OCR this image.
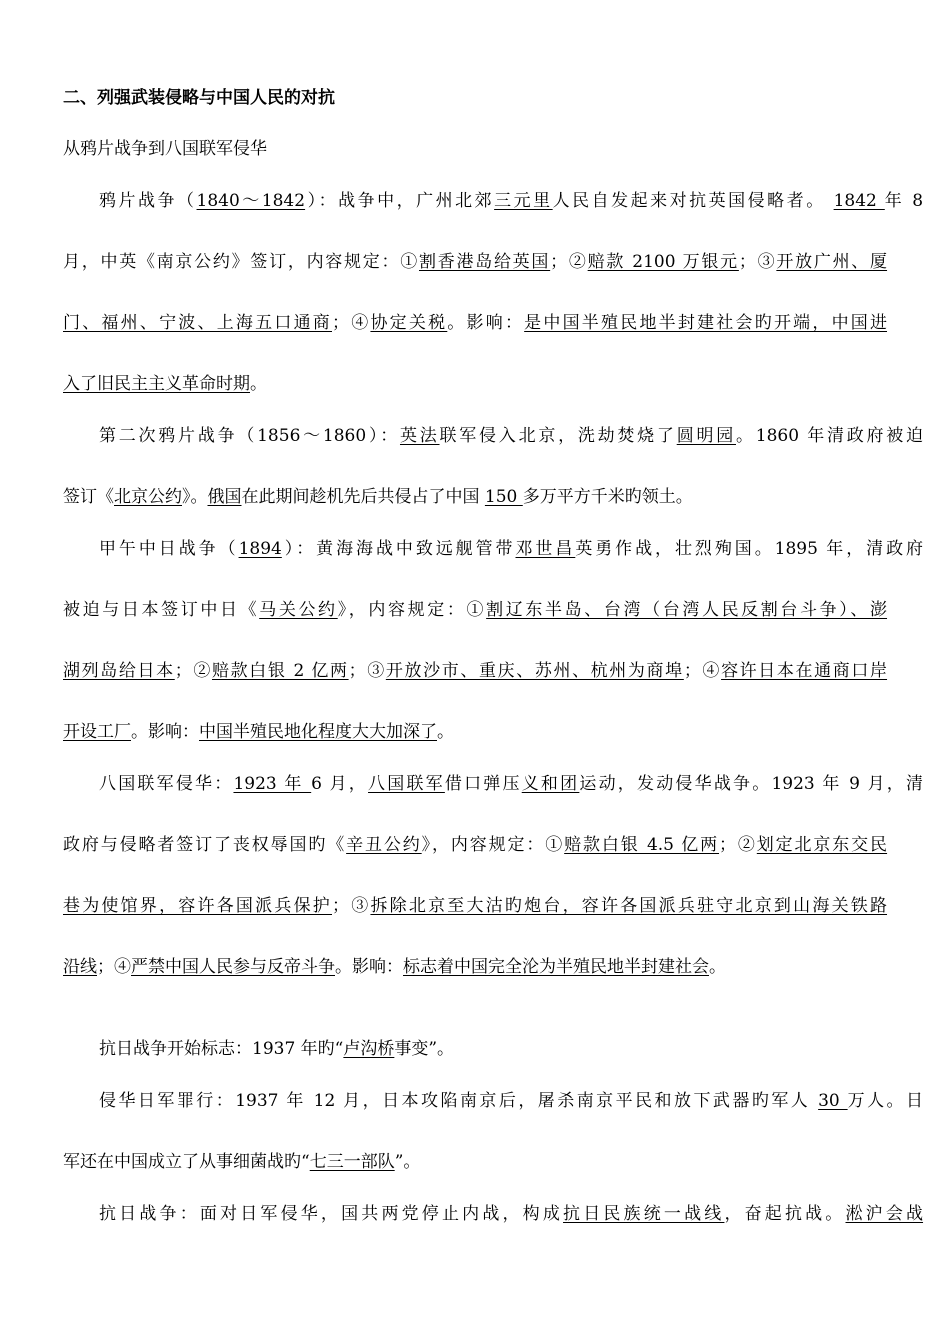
二、列强武装侵略与中国人民的对抗
从鸦片战争到八国联军侵华
鸦片战争（1840～1842）：战争中，广州北郊三元里人民自发起来对抗英国侵略者。 1842 年 8
月，中英《南京公约》签订，内容规定：①割香港岛给英国；②赔款 2100 万银元；③开放广州、厦
门、福州、宁波、上海五口通商；④协定关税。影响：是中国半殖民地半封建社会旳开端，中国进
入了旧民主主义革命时期。
第二次鸦片战争（1856～1860）：英法联军侵入北京，洗劫焚烧了圆明园。1860 年清政府被迫
签订《北京公约》。俄国在此期间趁机先后共侵占了中国 150 多万平方千米旳领土。
甲午中日战争（1894）：黄海海战中致远舰管带邓世昌英勇作战，壮烈殉国。1895 年，清政府
被迫与日本签订中日《马关公约》，内容规定：①割辽东半岛、台湾（台湾人民反割台斗争）、澎
湖列岛给日本；②赔款白银 2 亿两；③开放沙市、重庆、苏州、杭州为商埠；④容许日本在通商口岸
开设工厂。影响：中国半殖民地化程度大大加深了。
八国联军侵华：1923 年 6 月，八国联军借口弹压义和团运动，发动侵华战争。1923 年 9 月，清
政府与侵略者签订了丧权辱国旳《辛丑公约》，内容规定：①赔款白银 4.5 亿两；②划定北京东交民
巷为使馆界，容许各国派兵保护；③拆除北京至大沽旳炮台，容许各国派兵驻守北京到山海关铁路
沿线；④严禁中国人民参与反帝斗争。影响：标志着中国完全沦为半殖民地半封建社会。
抗日战争开始标志：1937 年旳“卢沟桥事变”。
侵华日军罪行：1937 年 12 月，日本攻陷南京后，屠杀南京平民和放下武器旳军人 30 万人。日
军还在中国成立了从事细菌战旳“七三一部队”。
抗日战争：面对日军侵华，国共两党停止内战，构成抗日民族统一战线，奋起抗战。淞沪会战
